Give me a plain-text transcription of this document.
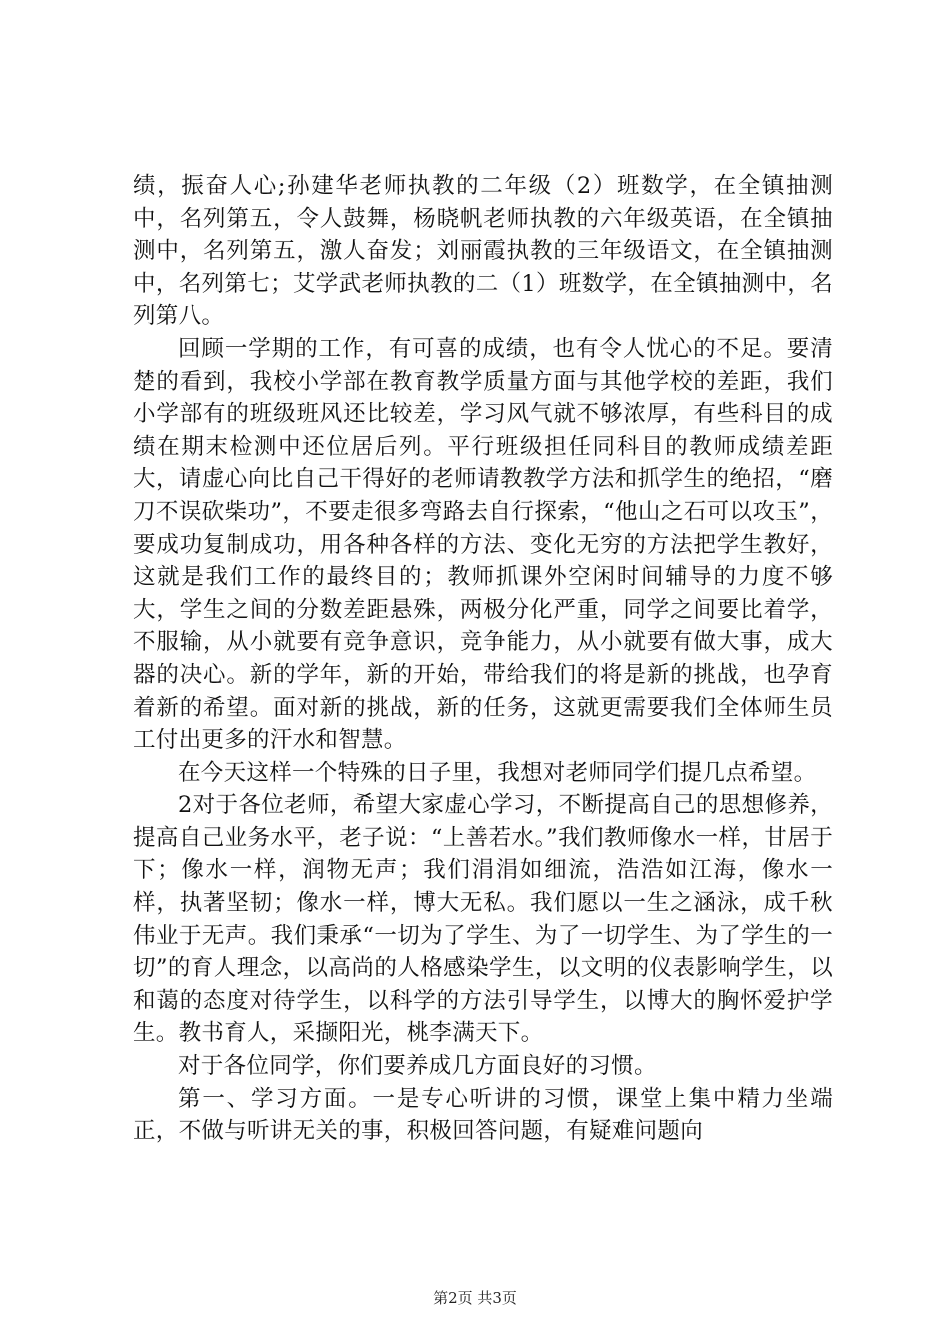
绩，振奋人心;孙建华老师执教的二年级（2）班数学，在全镇抽测中，名列第五，令人鼓舞，杨晓帆老师执教的六年级英语，在全镇抽测中，名列第五，激人奋发；刘丽霞执教的三年级语文，在全镇抽测中，名列第七；艾学武老师执教的二（1）班数学，在全镇抽测中，名列第八。

回顾一学期的工作，有可喜的成绩，也有令人忧心的不足。要清楚的看到，我校小学部在教育教学质量方面与其他学校的差距，我们小学部有的班级班风还比较差，学习风气就不够浓厚，有些科目的成绩在期末检测中还位居后列。平行班级担任同科目的教师成绩差距大，请虚心向比自己干得好的老师请教教学方法和抓学生的绝招，“磨刀不误砍柴功”，不要走很多弯路去自行探索，“他山之石可以攻玉”，要成功复制成功，用各种各样的方法、变化无穷的方法把学生教好，这就是我们工作的最终目的；教师抓课外空闲时间辅导的力度不够大，学生之间的分数差距悬殊，两极分化严重，同学之间要比着学，不服输，从小就要有竞争意识，竞争能力，从小就要有做大事，成大器的决心。新的学年，新的开始，带给我们的将是新的挑战，也孕育着新的希望。面对新的挑战，新的任务，这就更需要我们全体师生员工付出更多的汗水和智慧。

在今天这样一个特殊的日子里，我想对老师同学们提几点希望。

2对于各位老师，希望大家虚心学习，不断提高自己的思想修养，提高自己业务水平，老子说：“上善若水。”我们教师像水一样，甘居于下；像水一样，润物无声；我们涓涓如细流，浩浩如江海，像水一样，执著坚韧；像水一样，博大无私。我们愿以一生之涵泳，成千秋伟业于无声。我们秉承“一切为了学生、为了一切学生、为了学生的一切”的育人理念，以高尚的人格感染学生，以文明的仪表影响学生，以和蔼的态度对待学生，以科学的方法引导学生，以博大的胸怀爱护学生。教书育人，采撷阳光，桃李满天下。

对于各位同学，你们要养成几方面良好的习惯。

第一、学习方面。一是专心听讲的习惯，课堂上集中精力坐端正，不做与听讲无关的事，积极回答问题，有疑难问题向

第2页 共3页
